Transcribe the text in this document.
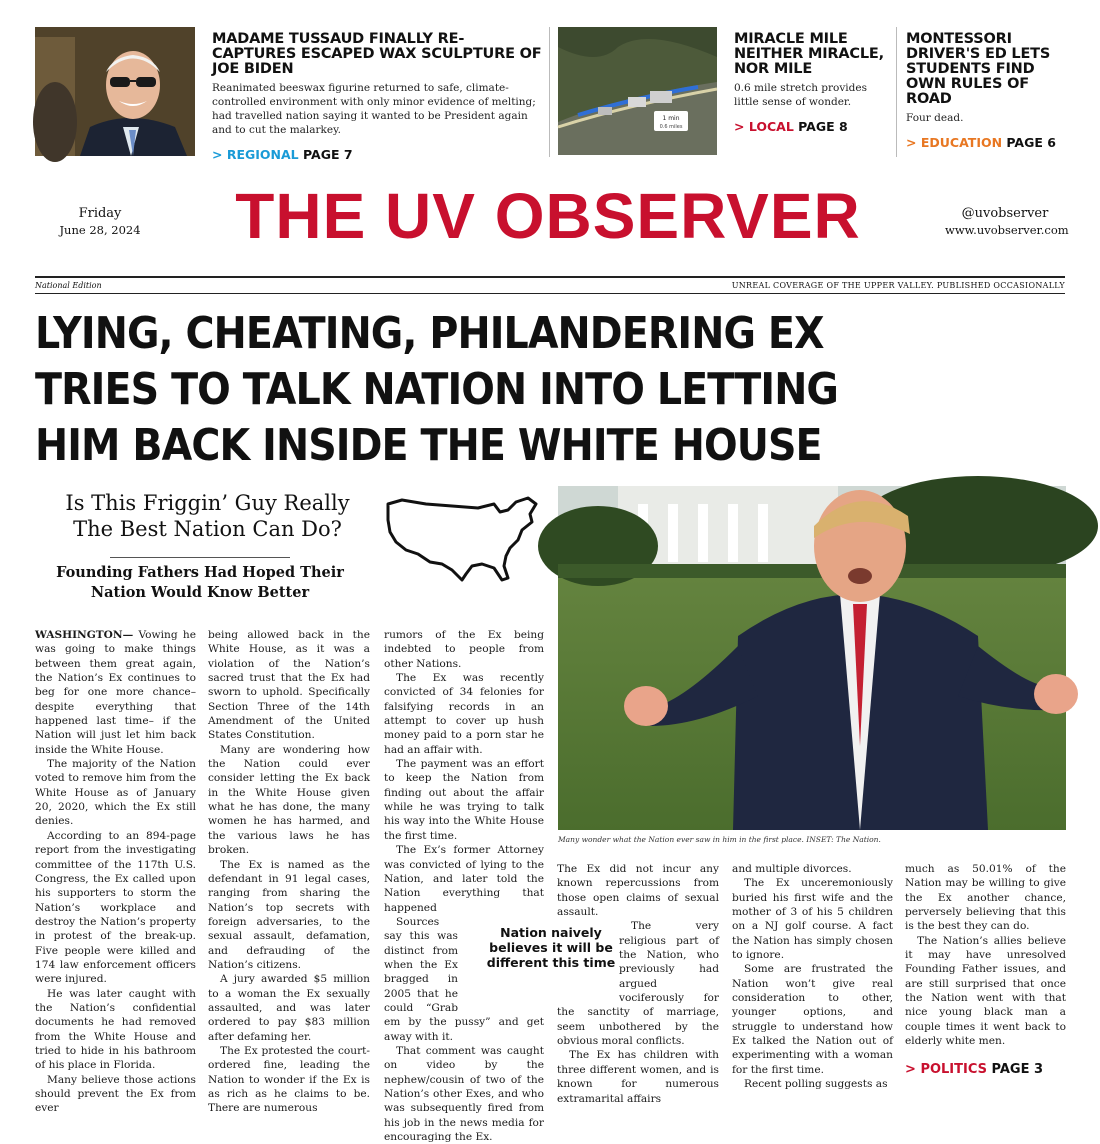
MADAME TUSSAUD FINALLY RE-CAPTURES ESCAPED WAX SCULPTURE OF JOE BIDEN
Reanimated beeswax figurine returned to safe, climate-controlled environment with only minor evidence of melting; had travelled nation saying it wanted to be President again and to cut the malarkey.
> REGIONAL PAGE 7
1 min
0.6 miles
MIRACLE MILE NEITHER MIRACLE, NOR MILE
0.6 mile stretch provides little sense of wonder.
> LOCAL PAGE 8
MONTESSORI DRIVER'S ED LETS STUDENTS FIND OWN RULES OF ROAD
Four dead.
> EDUCATION PAGE 6
Friday
June 28, 2024	THE UV OBSERVER	@uvobserver
www.uvobserver.com
National Edition	UNREAL COVERAGE OF THE UPPER VALLEY. PUBLISHED OCCASIONALLY
LYING, CHEATING, PHILANDERING EX
TRIES TO TALK NATION INTO LETTING
HIM BACK INSIDE THE WHITE HOUSE
Is This Friggin’ Guy Really
The Best Nation Can Do?
Founding Fathers Had Hoped Their
Nation Would Know Better
Many wonder what the Nation ever saw in him in the first place. INSET: The Nation.

WASHINGTON— Vowing he was going to make things between them great again, the Nation’s Ex continues to beg for one more chance– despite everything that happened last time– if the Nation will just let him back inside the White House.

The majority of the Nation voted to remove him from the White House as of January 20, 2020, which the Ex still denies.

According to an 894-page report from the investigating committee of the 117th U.S. Congress, the Ex called upon his supporters to storm the Nation’s workplace and destroy the Nation’s property in protest of the break-up. Five people were killed and 174 law enforcement officers were injured.

He was later caught with the Nation’s confidential documents he had removed from the White House and tried to hide in his bathroom of his place in Florida.

Many believe those actions should prevent the Ex from ever

being allowed back in the White House, as it was a violation of the Nation’s sacred trust that the Ex had sworn to uphold. Specifically Section Three of the 14th Amendment of the United States Constitution.

Many are wondering how the Nation could ever consider letting the Ex back in the White House given what he has done, the many women he has harmed, and the various laws he has broken.

The Ex is named as the defendant in 91 legal cases, ranging from sharing the Nation’s top secrets with foreign adversaries, to the sexual assault, defamation, and defrauding of the Nation’s citizens.

A jury awarded $5 million to a woman the Ex sexually assaulted, and was later ordered to pay $83 million after defaming her.

The Ex protested the court-ordered fine, leading the Nation to wonder if the Ex is as rich as he claims to be. There are numerous

rumors of the Ex being indebted to people from other Nations.

The Ex was recently convicted of 34 felonies for falsifying records in an attempt to cover up hush money paid to a porn star he had an affair with.

The payment was an effort to keep the Nation from finding out about the affair while he was trying to talk his way into the White House the first time.

The Ex’s former Attorney was convicted of lying to the Nation, and later told the Nation everything that happened

Sources say this was distinct from when the Ex bragged in 2005 that he could “Grab em by the pussy” and get away with it.

That comment was caught on video by the nephew/cousin of two of the Nation’s other Exes, and who was subsequently fired from his job in the news media for encouraging the Ex.

The Ex did not incur any known repercussions from those open claims of sexual assault.

The very religious part of the Nation, who previously had argued vociferously for the sanctity of marriage, seem unbothered by the obvious moral conflicts.

The Ex has children with three different women, and is known for numerous extramarital affairs

and multiple divorces.

The Ex unceremoniously buried his first wife and the mother of 3 of his 5 children on a NJ golf course. A fact the Nation has simply chosen to ignore.

Some are frustrated the Nation won’t give real consideration to other, younger options, and struggle to understand how Ex talked the Nation out of experimenting with a woman for the first time.

Recent polling suggests as

much as 50.01% of the Nation may be willing to give the Ex another chance, perversely believing that this is the best they can do.

The Nation’s allies believe it may have unresolved Founding Father issues, and are still surprised that once the Nation went with that nice young black man a couple times it went back to elderly white men.

Nation naively believes it will be different this time
> POLITICS PAGE 3
